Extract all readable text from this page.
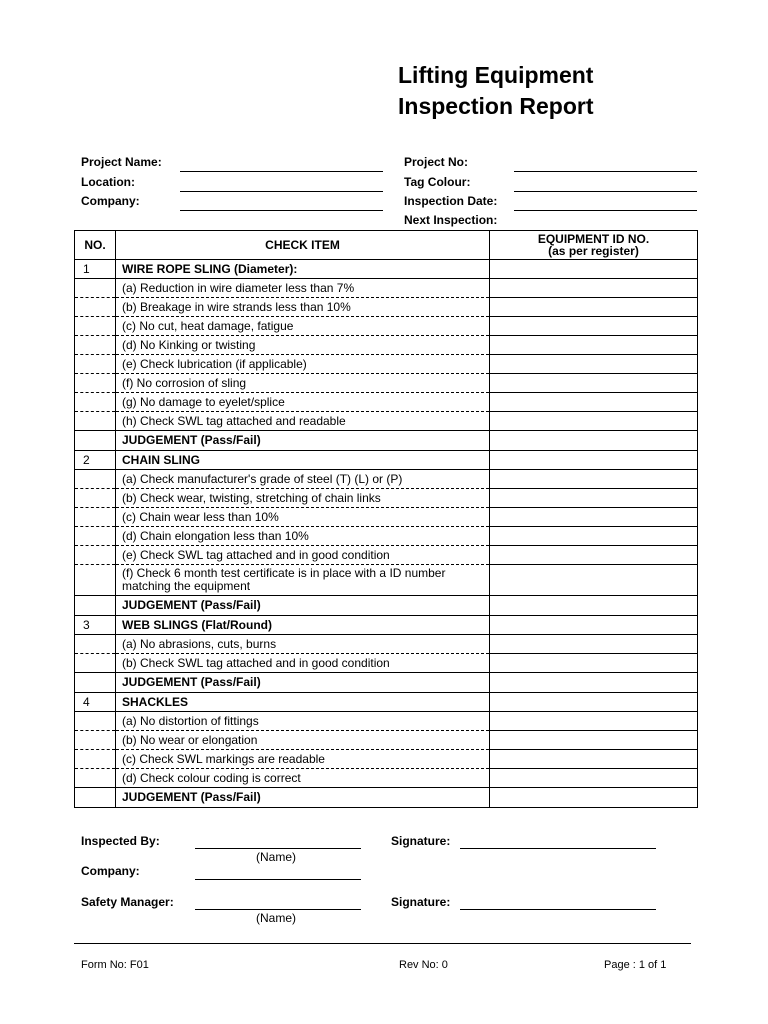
Lifting Equipment
Inspection Report
Project Name:
Location:
Company:
Project No:
Tag Colour:
Inspection Date:
Next Inspection:
NO.	CHECK ITEM	EQUIPMENT ID NO.
(as per register)

1	WIRE ROPE SLING (Diameter):	

	(a) Reduction in wire diameter less than 7%	
	(b) Breakage in wire strands less than 10%	
	(c) No cut, heat damage, fatigue	
	(d) No Kinking or twisting	
	(e) Check lubrication (if applicable)	
	(f) No corrosion of sling	
	(g) No damage to eyelet/splice	
	(h) Check SWL tag attached and readable	
	JUDGEMENT (Pass/Fail)	
2	CHAIN SLING	

	(a) Check manufacturer's grade of steel (T) (L) or (P)	
	(b) Check wear, twisting, stretching of chain links	
	(c) Chain wear less than 10%	
	(d) Chain elongation less than 10%	
	(e) Check SWL tag attached and in good condition	
	(f) Check 6 month test certificate is in place with a ID number matching the equipment	
	JUDGEMENT (Pass/Fail)	
3	WEB SLINGS (Flat/Round)	

	(a) No abrasions, cuts, burns	
	(b) Check SWL tag attached and in good condition	
	JUDGEMENT (Pass/Fail)	
4	SHACKLES	

	(a) No distortion of fittings	
	(b) No wear or elongation	
	(c) Check SWL markings are readable	
	(d) Check colour coding is correct	
	JUDGEMENT (Pass/Fail)	
Inspected By:
(Name)
Signature:
Company:
Safety Manager:
(Name)
Signature:
Form No: F01	Rev No: 0	Page : 1 of 1
